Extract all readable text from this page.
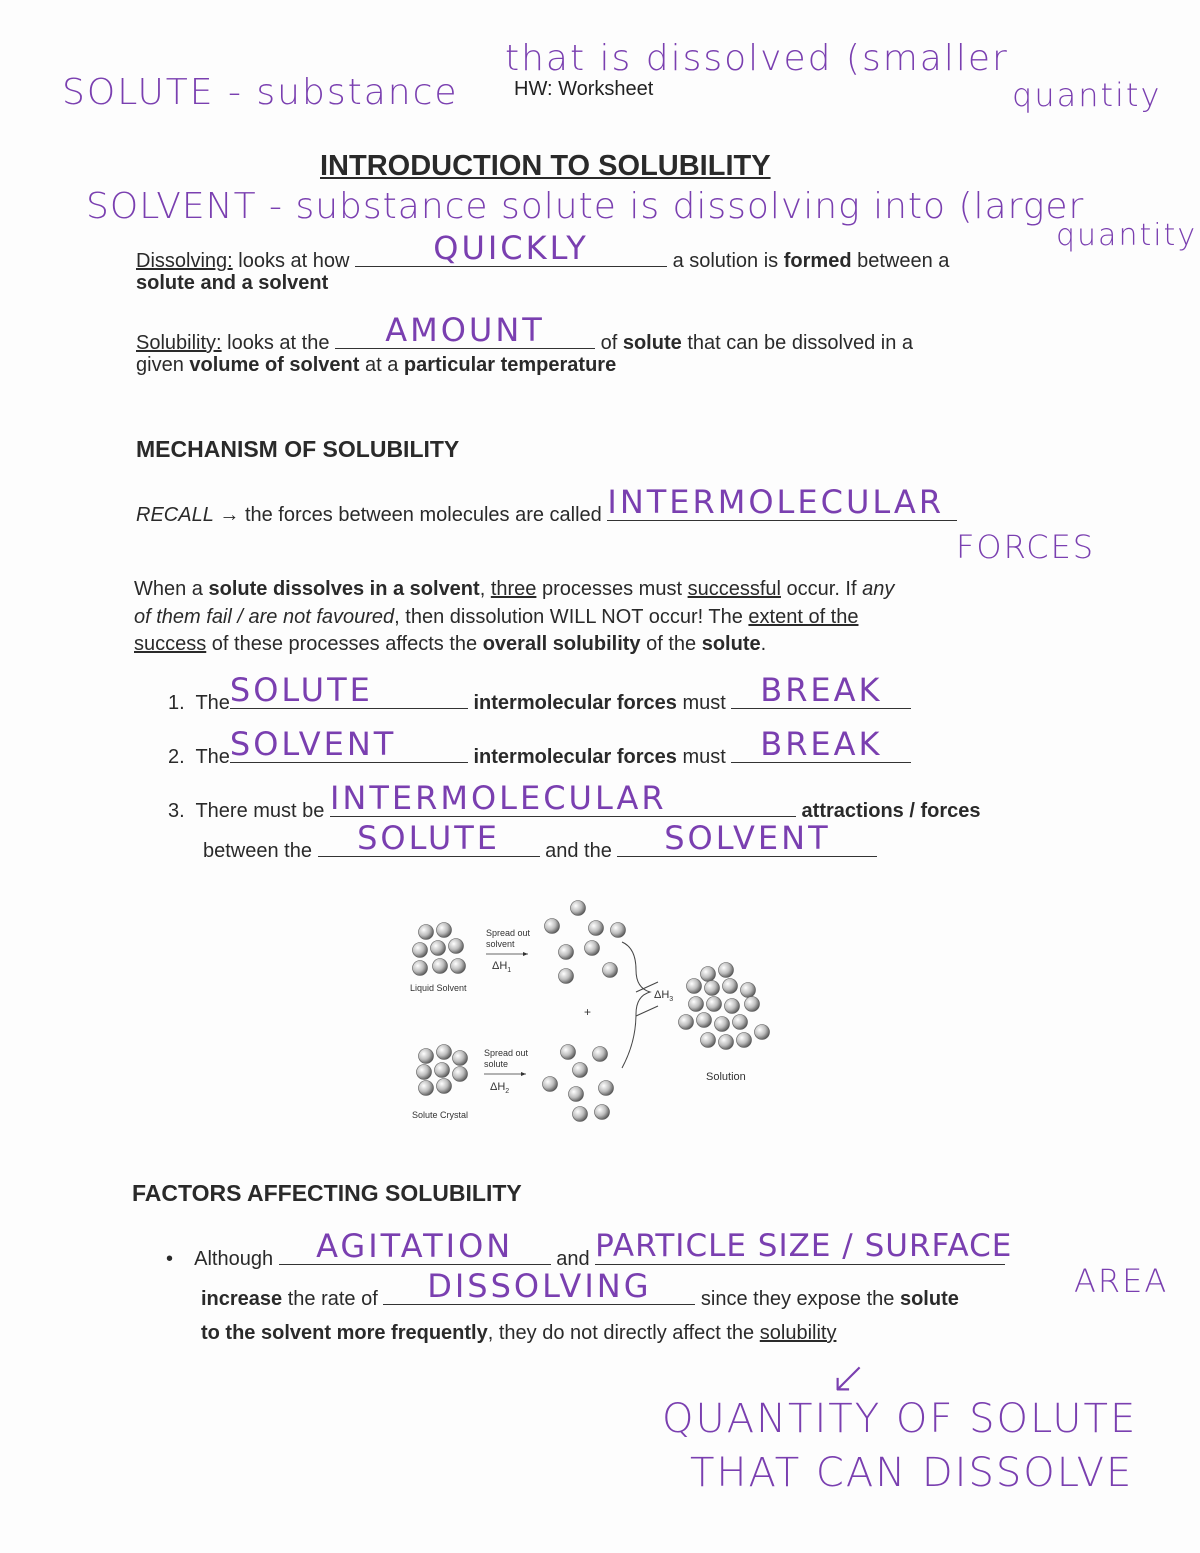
SOLUTE - substance
that is dissolved (smaller
quantity
HW: Worksheet
INTRODUCTION TO SOLUBILITY
SOLVENT - substance solute is dissolving into (larger
quantity
Dissolving: looks at how	QUICKLY	a solution is formed between a
solute and a solvent
Solubility: looks at the	AMOUNT	of solute that can be dissolved in a
given volume of solvent at a particular temperature
MECHANISM OF SOLUBILITY
RECALL → the forces between molecules are called INTERMOLECULAR
FORCES
When a solute dissolves in a solvent, three processes must successful occur. If any
of them fail / are not favoured, then dissolution WILL NOT occur! The extent of the
success of these processes affects the overall solubility of the solute.
1. The SOLUTE	intermolecular forces must	BREAK
2. The SOLVENT	intermolecular forces must	BREAK
3. There must be INTERMOLECULAR	attractions / forces
between the	SOLUTE	and the	SOLVENT
Liquid Solvent
Spread out
solvent
$\Delta H_1$
+
$\Delta H_3$
Solution
Spread out
solute
$\Delta H_2$
Solute Crystal
FACTORS AFFECTING SOLUBILITY
• Although	AGITATION	and PARTICLE SIZE / SURFACE
AREA
increase the rate of	DISSOLVING	since they expose the solute
to the solvent more frequently, they do not directly affect the solubility
↙
QUANTITY OF SOLUTE
THAT CAN DISSOLVE
